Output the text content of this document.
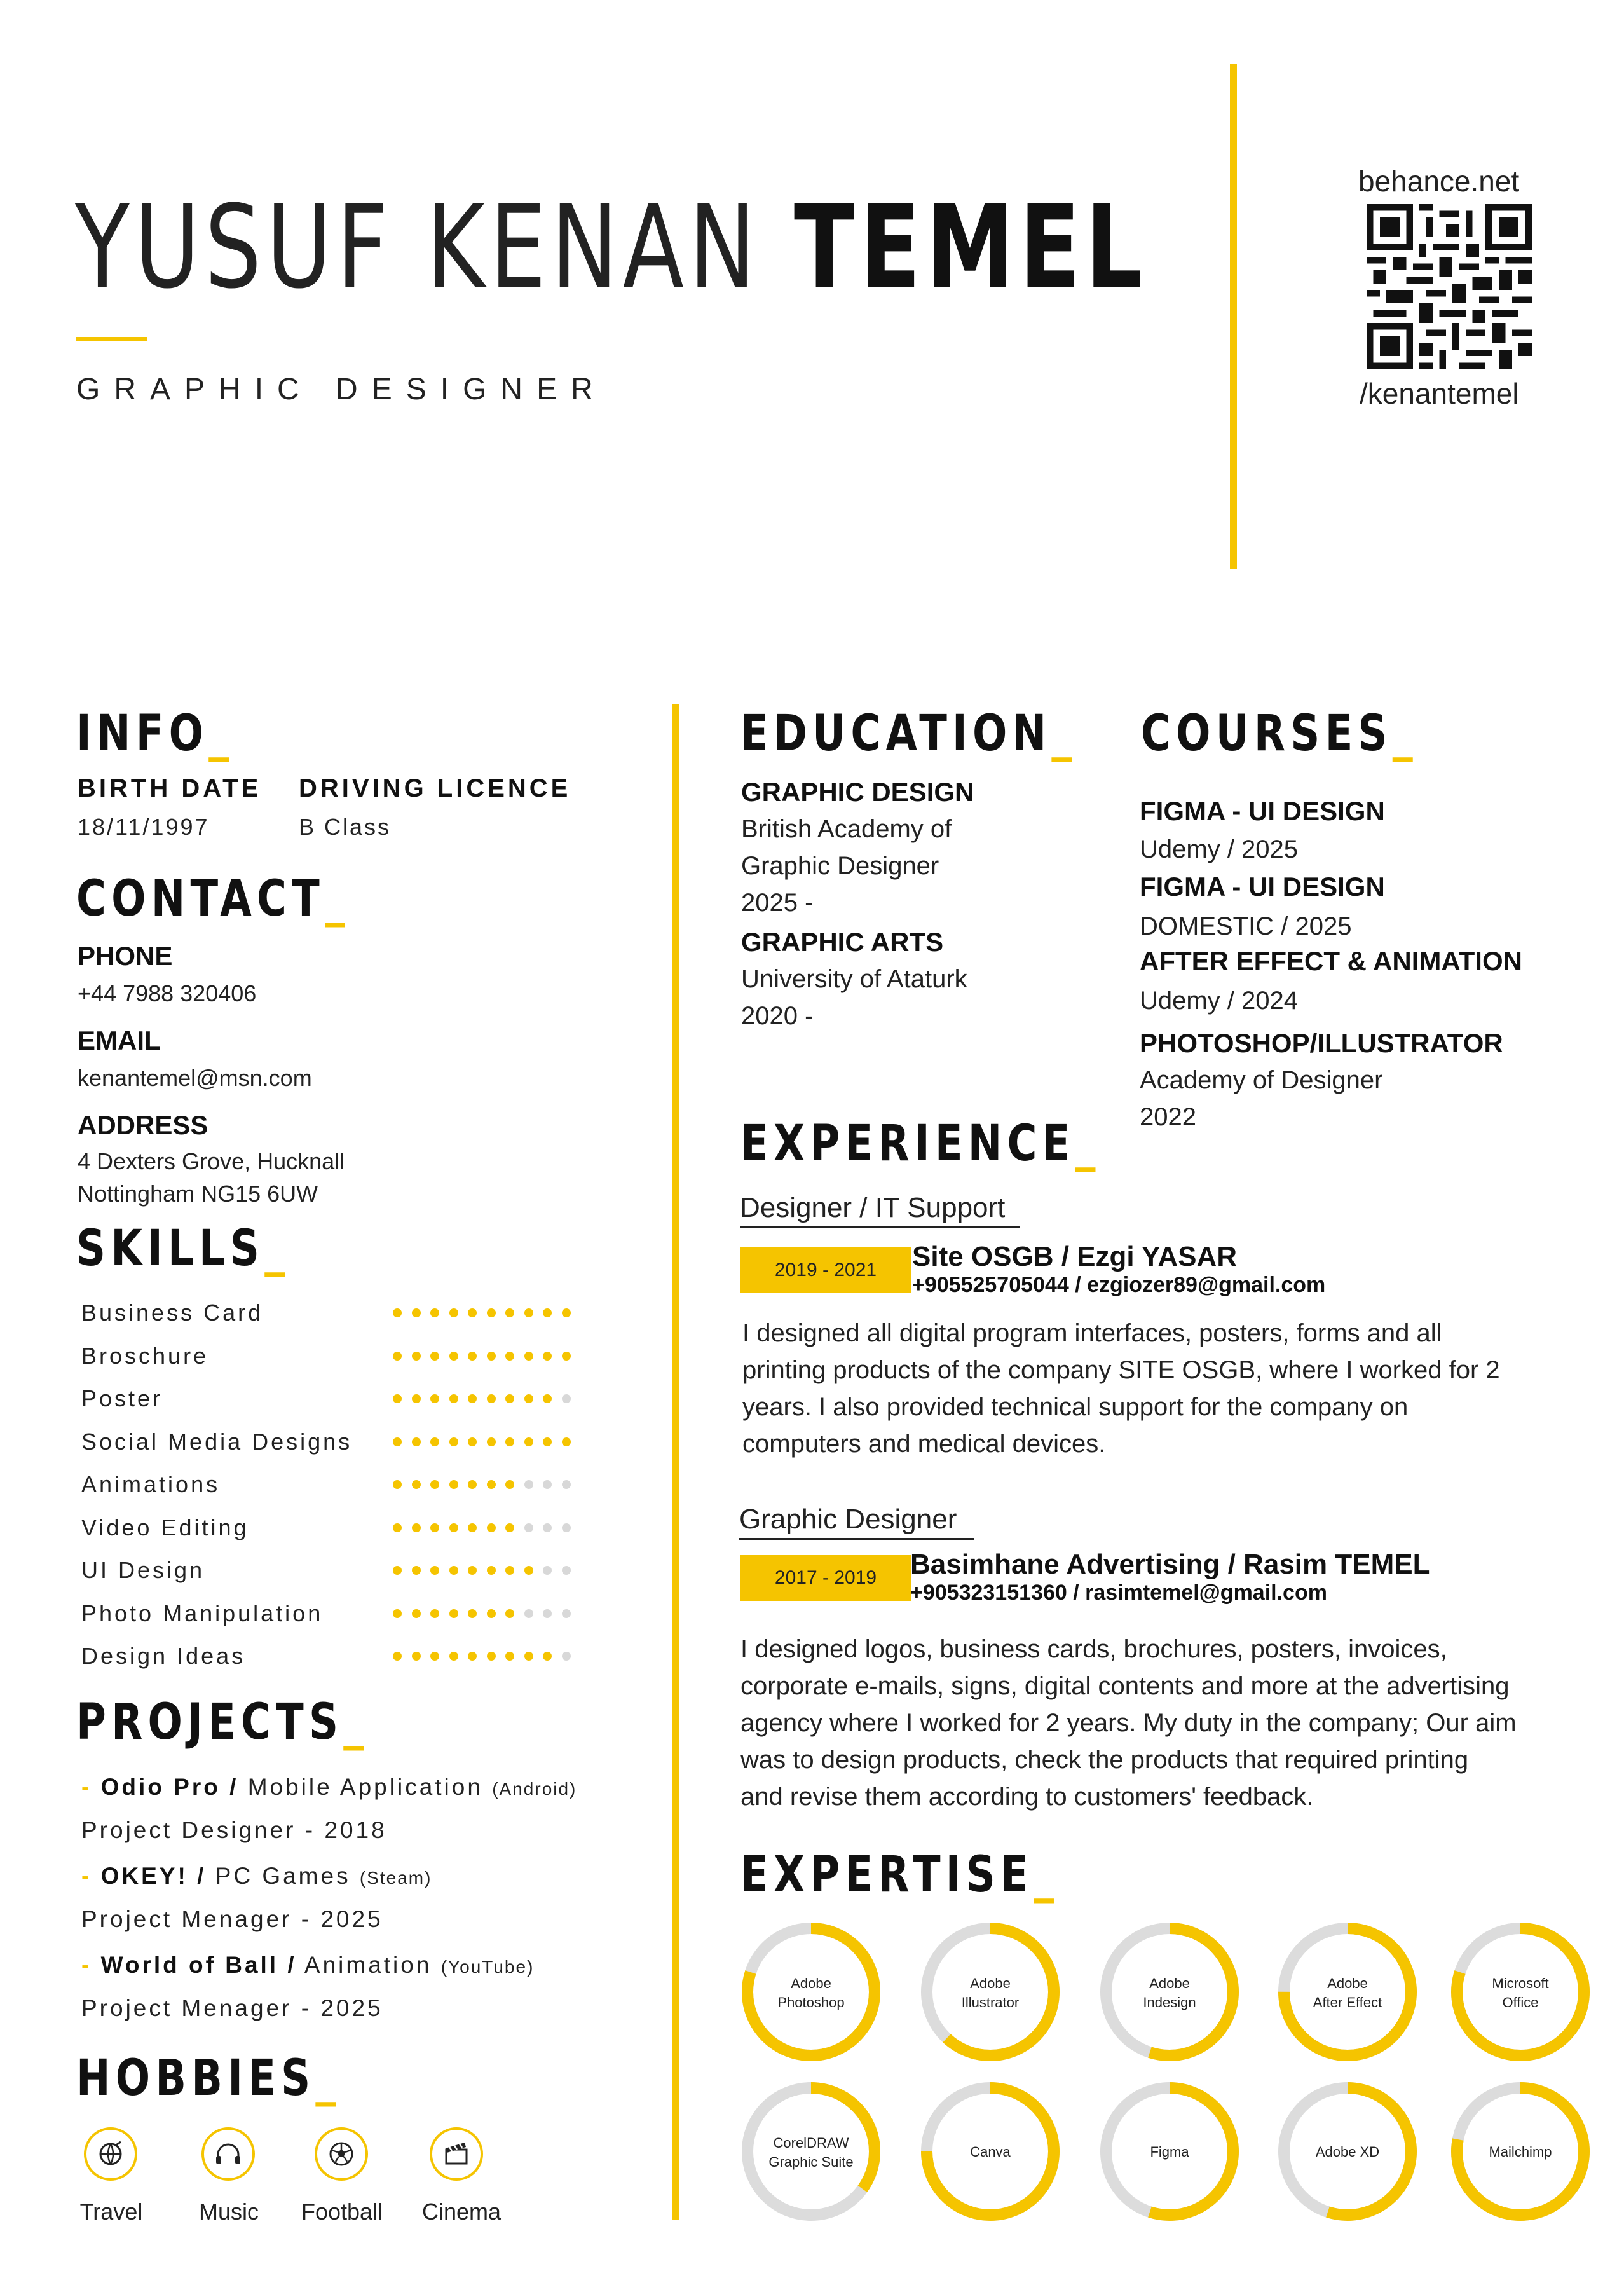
YUSUF KENAN TEMEL
GRAPHIC DESIGNER
behance.net
/kenantemel
INFO_
BIRTH DATE
18/11/1997
DRIVING LICENCE
B Class
CONTACT_
PHONE
+44 7988 320406
EMAIL
kenantemel@msn.com
ADDRESS
4 Dexters Grove, Hucknall
Nottingham NG15 6UW
SKILLS_
Business Card
Broschure
Poster
Social Media Designs
Animations
Video Editing
UI Design
Photo Manipulation
Design Ideas
PROJECTS_
- Odio Pro / Mobile Application (Android)
Project Designer - 2018
- OKEY! / PC Games (Steam)
Project Menager - 2025
- World of Ball / Animation (YouTube)
Project Menager - 2025
HOBBIES_
Travel	Music	Football Cinema
EDUCATION_
GRAPHIC DESIGN
British Academy of
Graphic Designer
2025 -
GRAPHIC ARTS
University of Ataturk
2020 -
COURSES_
FIGMA - UI DESIGN
Udemy / 2025
FIGMA - UI DESIGN
DOMESTIC / 2025
AFTER EFFECT & ANIMATION
Udemy / 2024
PHOTOSHOP/ILLUSTRATOR
Academy of Designer
2022
EXPERIENCE_
Designer / IT Support
2019 - 2021	Site OSGB / Ezgi YASAR
+905525705044 / ezgiozer89@gmail.com
I designed all digital program interfaces, posters, forms and all
printing products of the company SITE OSGB, where I worked for 2
years. I also provided technical support for the company on
computers and medical devices.
Graphic Designer
2017 - 2019	Basimhane Advertising / Rasim TEMEL
+905323151360 / rasimtemel@gmail.com
I designed logos, business cards, brochures, posters, invoices,
corporate e-mails, signs, digital contents and more at the advertising
agency where I worked for 2 years. My duty in the company; Our aim
was to design products, check the products that required printing
and revise them according to customers' feedback.
EXPERTISE_
Adobe
Photoshop
Adobe
Illustrator
Adobe
Indesign
Adobe
After Effect
Microsoft
Office
CorelDRAW
Graphic Suite
Canva	Figma	Adobe XD	Mailchimp
